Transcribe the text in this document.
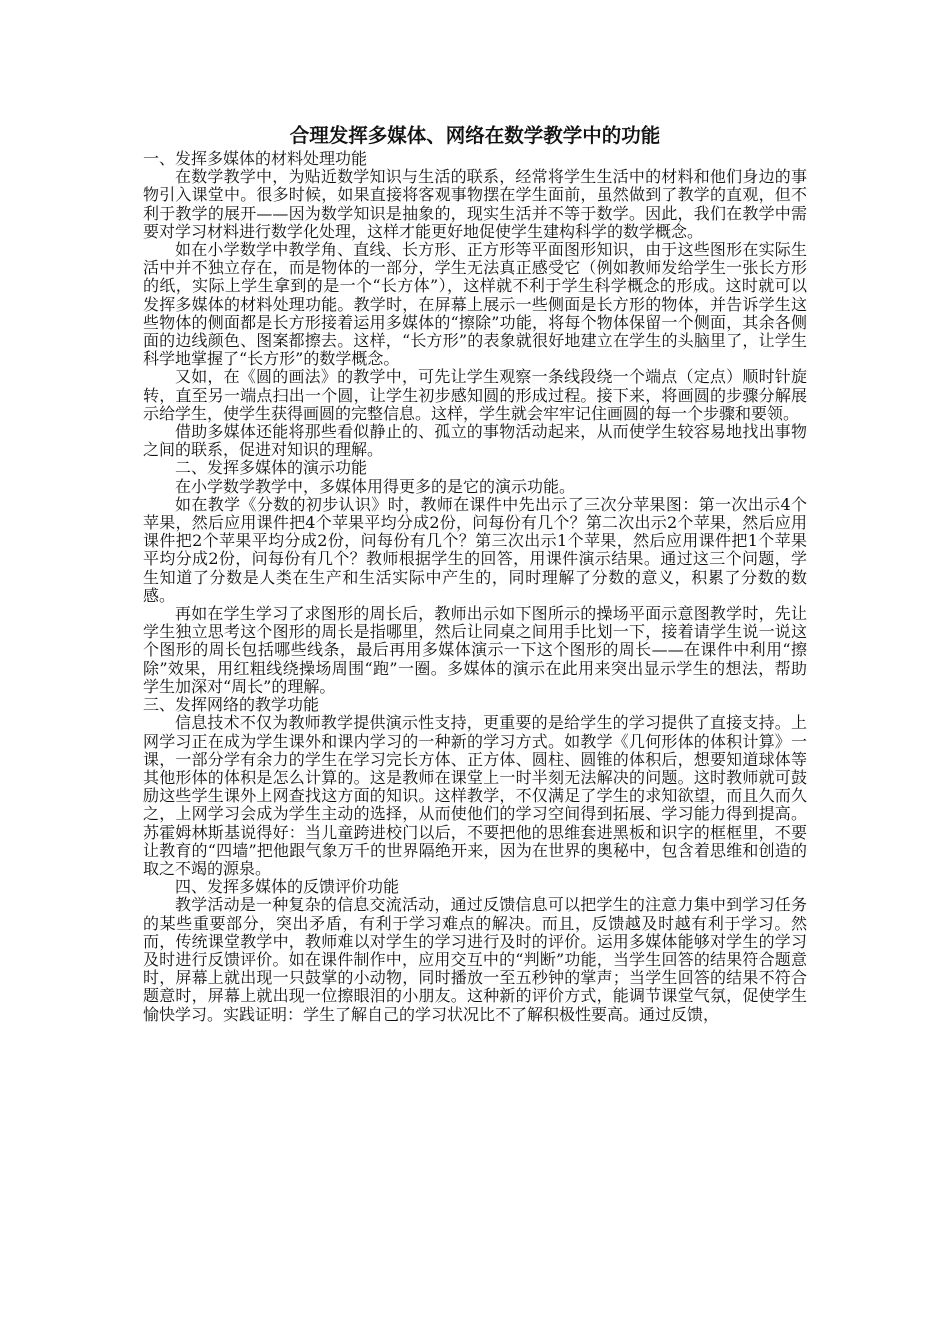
合理发挥多媒体、网络在数学教学中的功能

一、发挥多媒体的材料处理功能

在数学教学中，为贴近数学知识与生活的联系，经常将学生生活中的材料和他们身边的事物引入课堂中。很多时候，如果直接将客观事物摆在学生面前，虽然做到了教学的直观，但不利于教学的展开——因为数学知识是抽象的，现实生活并不等于数学。因此，我们在教学中需要对学习材料进行数学化处理，这样才能更好地促使学生建构科学的数学概念。

如在小学数学中教学角、直线、长方形、正方形等平面图形知识，由于这些图形在实际生活中并不独立存在，而是物体的一部分，学生无法真正感受它（例如教师发给学生一张长方形的纸，实际上学生拿到的是一个“长方体”），这样就不利于学生科学概念的形成。这时就可以发挥多媒体的材料处理功能。教学时，在屏幕上展示一些侧面是长方形的物体，并告诉学生这些物体的侧面都是长方形接着运用多媒体的“擦除”功能，将每个物体保留一个侧面，其余各侧面的边线颜色、图案都擦去。这样，“长方形”的表象就很好地建立在学生的头脑里了，让学生科学地掌握了“长方形”的数学概念。

又如，在《圆的画法》的教学中，可先让学生观察一条线段绕一个端点（定点）顺时针旋转，直至另一端点扫出一个圆，让学生初步感知圆的形成过程。接下来，将画圆的步骤分解展示给学生，使学生获得画圆的完整信息。这样，学生就会牢牢记住画圆的每一个步骤和要领。

借助多媒体还能将那些看似静止的、孤立的事物活动起来，从而使学生较容易地找出事物之间的联系，促进对知识的理解。

二、发挥多媒体的演示功能

在小学数学教学中，多媒体用得更多的是它的演示功能。

如在教学《分数的初步认识》时，教师在课件中先出示了三次分苹果图：第一次出示4个苹果，然后应用课件把4个苹果平均分成2份，问每份有几个？第二次出示2个苹果，然后应用课件把2个苹果平均分成2份，问每份有几个？第三次出示1个苹果，然后应用课件把1个苹果平均分成2份，问每份有几个？教师根据学生的回答，用课件演示结果。通过这三个问题，学生知道了分数是人类在生产和生活实际中产生的，同时理解了分数的意义，积累了分数的数感。

再如在学生学习了求图形的周长后，教师出示如下图所示的操场平面示意图教学时，先让学生独立思考这个图形的周长是指哪里，然后让同桌之间用手比划一下，接着请学生说一说这个图形的周长包括哪些线条，最后再用多媒体演示一下这个图形的周长——在课件中利用“擦除”效果，用红粗线绕操场周围“跑”一圈。多媒体的演示在此用来突出显示学生的想法，帮助学生加深对“周长”的理解。

三、发挥网络的教学功能

信息技术不仅为教师教学提供演示性支持，更重要的是给学生的学习提供了直接支持。上网学习正在成为学生课外和课内学习的一种新的学习方式。如教学《几何形体的体积计算》一课，一部分学有余力的学生在学习完长方体、正方体、圆柱、圆锥的体积后，想要知道球体等其他形体的体积是怎么计算的。这是教师在课堂上一时半刻无法解决的问题。这时教师就可鼓励这些学生课外上网查找这方面的知识。这样教学，不仅满足了学生的求知欲望，而且久而久之，上网学习会成为学生主动的选择，从而使他们的学习空间得到拓展、学习能力得到提高。苏霍姆林斯基说得好：当儿童跨进校门以后，不要把他的思维套进黑板和识字的框框里，不要让教育的“四墙”把他跟气象万千的世界隔绝开来，因为在世界的奥秘中，包含着思维和创造的取之不竭的源泉。

四、发挥多媒体的反馈评价功能

教学活动是一种复杂的信息交流活动，通过反馈信息可以把学生的注意力集中到学习任务的某些重要部分，突出矛盾，有利于学习难点的解决。而且，反馈越及时越有利于学习。然而，传统课堂教学中，教师难以对学生的学习进行及时的评价。运用多媒体能够对学生的学习及时进行反馈评价。如在课件制作中，应用交互中的“判断”功能，当学生回答的结果符合题意时，屏幕上就出现一只鼓掌的小动物，同时播放一至五秒钟的掌声；当学生回答的结果不符合题意时，屏幕上就出现一位擦眼泪的小朋友。这种新的评价方式，能调节课堂气氛，促使学生愉快学习。实践证明：学生了解自己的学习状况比不了解积极性要高。通过反馈，
